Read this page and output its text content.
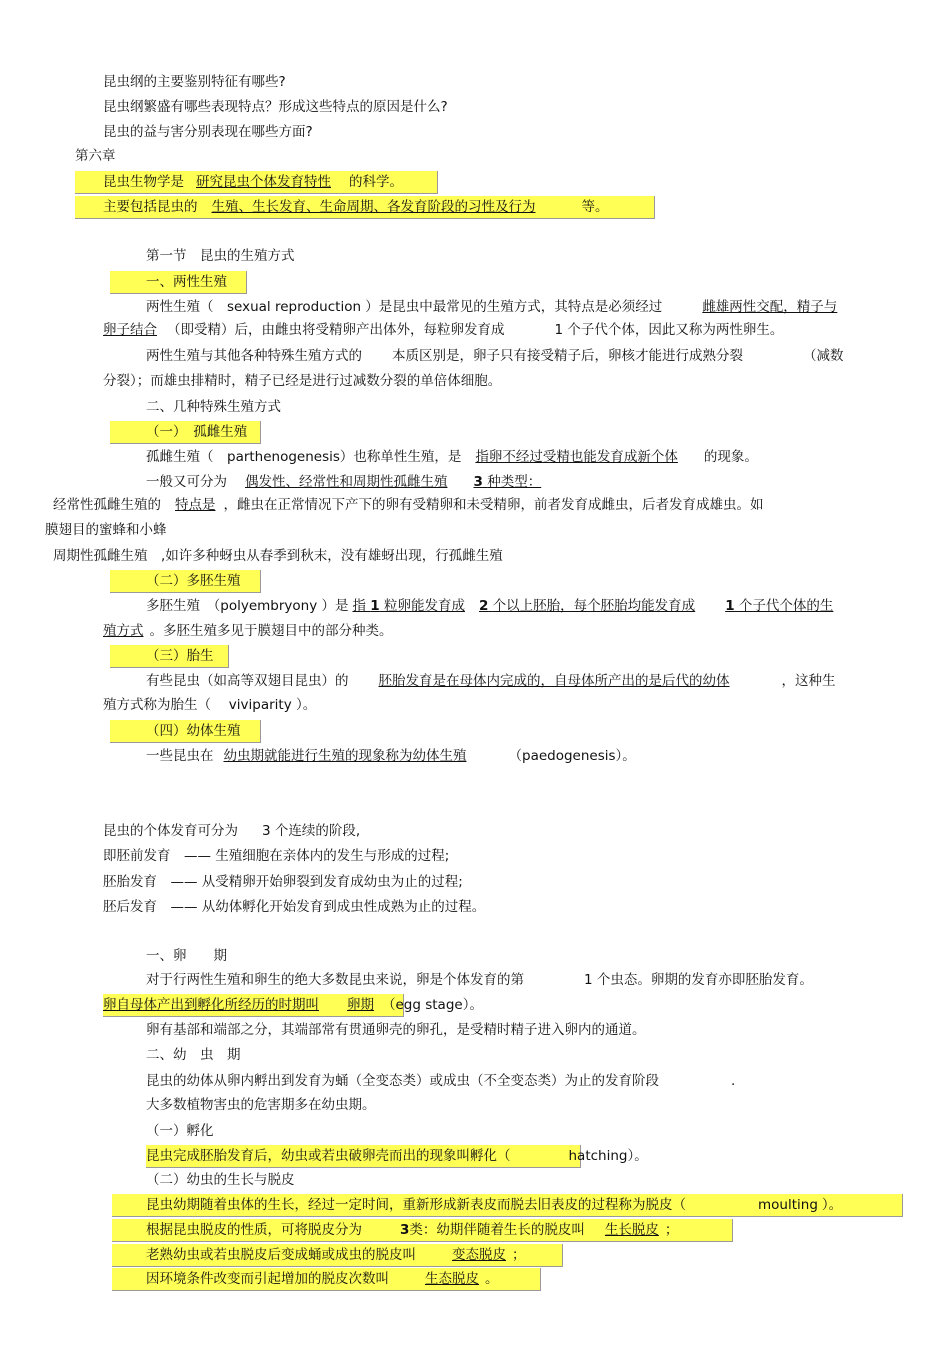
昆虫纲的主要鉴别特征有哪些?
昆虫纲繁盛有哪些表现特点？形成这些特点的原因是什么?
昆虫的益与害分别表现在哪些方面?
第六章
昆虫生物学是 研究昆虫个体发育特性 的科学。
主要包括昆虫的 生殖、生长发育、生命周期、各发育阶段的习性及行为	等。
第一节　昆虫的生殖方式
一、两性生殖
两性生殖（　sexual reproduction ）是昆虫中最常见的生殖方式，其特点是必须经过	雌雄两性交配，精子与
卵子结合 （即受精）后，由雌虫将受精卵产出体外，每粒卵发育成	1 个子代个体，因此又称为两性卵生。
两性生殖与其他各种特殊生殖方式的 本质区别是，卵子只有接受精子后，卵核才能进行成熟分裂	（减数
分裂）；而雄虫排精时，精子已经是进行过减数分裂的单倍体细胞。
二、几种特殊生殖方式
（一）　孤雌生殖
孤雌生殖（　parthenogenesis）也称单性生殖，是 指卵不经过受精也能发育成新个体 的现象。
一般又可分为 偶发性、经常性和周期性孤雌生殖 3 种类型：
经常性孤雌生殖的 特点是 ，雌虫在正常情况下产下的卵有受精卵和未受精卵，前者发育成雌虫，后者发育成雄虫。如
膜翅目的蜜蜂和小蜂
周期性孤雌生殖　,如许多种蚜虫从春季到秋末，没有雄蚜出现，行孤雌生殖
（二）多胚生殖
多胚生殖　（polyembryony ）是 指 1 粒卵能发育成 2 个以上胚胎，每个胚胎均能发育成 1 个子代个体的生
殖方式 。多胚生殖多见于膜翅目中的部分种类。
（三）胎生
有些昆虫（如高等双翅目昆虫）的 胚胎发育是在母体内完成的，自母体所产出的是后代的幼体	，这种生
殖方式称为胎生（　 viviparity ）。
（四）幼体生殖
一些昆虫在 幼虫期就能进行生殖的现象称为幼体生殖	（paedogenesis）。
昆虫的个体发育可分为 3 个连续的阶段,
即胚前发育　—— 生殖细胞在亲体内的发生与形成的过程;
胚胎发育　—— 从受精卵开始卵裂到发育成幼虫为止的过程;
胚后发育　—— 从幼体孵化开始发育到成虫性成熟为止的过程。
一、卵　　期
对于行两性生殖和卵生的绝大多数昆虫来说，卵是个体发育的第	1 个虫态。卵期的发育亦即胚胎发育。
卵自母体产出到孵化所经历的时期叫 卵期 （egg stage）。
卵有基部和端部之分，其端部常有贯通卵壳的卵孔，是受精时精子进入卵内的通道。
二、幼　虫　期
昆虫的幼体从卵内孵出到发育为蛹（全变态类）或成虫（不全变态类）为止的发育阶段	.
大多数植物害虫的危害期多在幼虫期。
（一）孵化
昆虫完成胚胎发育后，幼虫或若虫破卵壳而出的现象叫孵化（	hatching）。
（二）幼虫的生长与脱皮
昆虫幼期随着虫体的生长，经过一定时间，重新形成新表皮而脱去旧表皮的过程称为脱皮（	moulting ）。
根据昆虫脱皮的性质，可将脱皮分为	3类：幼期伴随着生长的脱皮叫 生长脱皮 ；
老熟幼虫或若虫脱皮后变成蛹或成虫的脱皮叫	变态脱皮 ；
因环境条件改变而引起增加的脱皮次数叫	生态脱皮 。
